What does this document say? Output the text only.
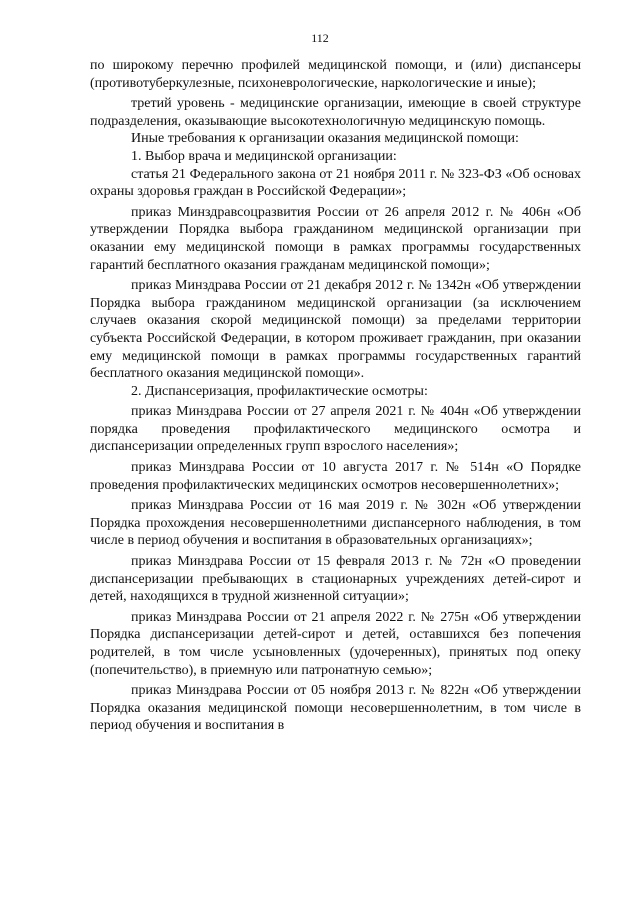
112

по широкому перечню профилей медицинской помощи, и (или) диспансеры (противотуберкулезные, психоневрологические, наркологические и иные);

третий уровень - медицинские организации, имеющие в своей структуре подразделения, оказывающие высокотехнологичную медицинскую помощь.

Иные требования к организации оказания медицинской помощи:

1. Выбор врача и медицинской организации:

статья 21 Федерального закона от 21 ноября 2011 г. № 323-ФЗ «Об основах охраны здоровья граждан в Российской Федерации»;

приказ Минздравсоцразвития России от 26 апреля 2012 г. № 406н «Об утверждении Порядка выбора гражданином медицинской организации при оказании ему медицинской помощи в рамках программы государственных гарантий бесплатного оказания гражданам медицинской помощи»;

приказ Минздрава России от 21 декабря 2012 г. № 1342н «Об утверждении Порядка выбора гражданином медицинской организации (за исключением случаев оказания скорой медицинской помощи) за пределами территории субъекта Российской Федерации, в котором проживает гражданин, при оказании ему медицинской помощи в рамках программы государственных гарантий бесплатного оказания медицинской помощи».

2. Диспансеризация, профилактические осмотры:

приказ Минздрава России от 27 апреля 2021 г. № 404н «Об утверждении порядка проведения профилактического медицинского осмотра и диспансеризации определенных групп взрослого населения»;

приказ Минздрава России от 10 августа 2017 г. № 514н «О Порядке проведения профилактических медицинских осмотров несовершеннолетних»;

приказ Минздрава России от 16 мая 2019 г. № 302н «Об утверждении Порядка прохождения несовершеннолетними диспансерного наблюдения, в том числе в период обучения и воспитания в образовательных организациях»;

приказ Минздрава России от 15 февраля 2013 г. № 72н «О проведении диспансеризации пребывающих в стационарных учреждениях детей-сирот и детей, находящихся в трудной жизненной ситуации»;

приказ Минздрава России от 21 апреля 2022 г. № 275н «Об утверждении Порядка диспансеризации детей-сирот и детей, оставшихся без попечения родителей, в том числе усыновленных (удочеренных), принятых под опеку (попечительство), в приемную или патронатную семью»;

приказ Минздрава России от 05 ноября 2013 г. № 822н «Об утверждении Порядка оказания медицинской помощи несовершеннолетним, в том числе в период обучения и воспитания в
